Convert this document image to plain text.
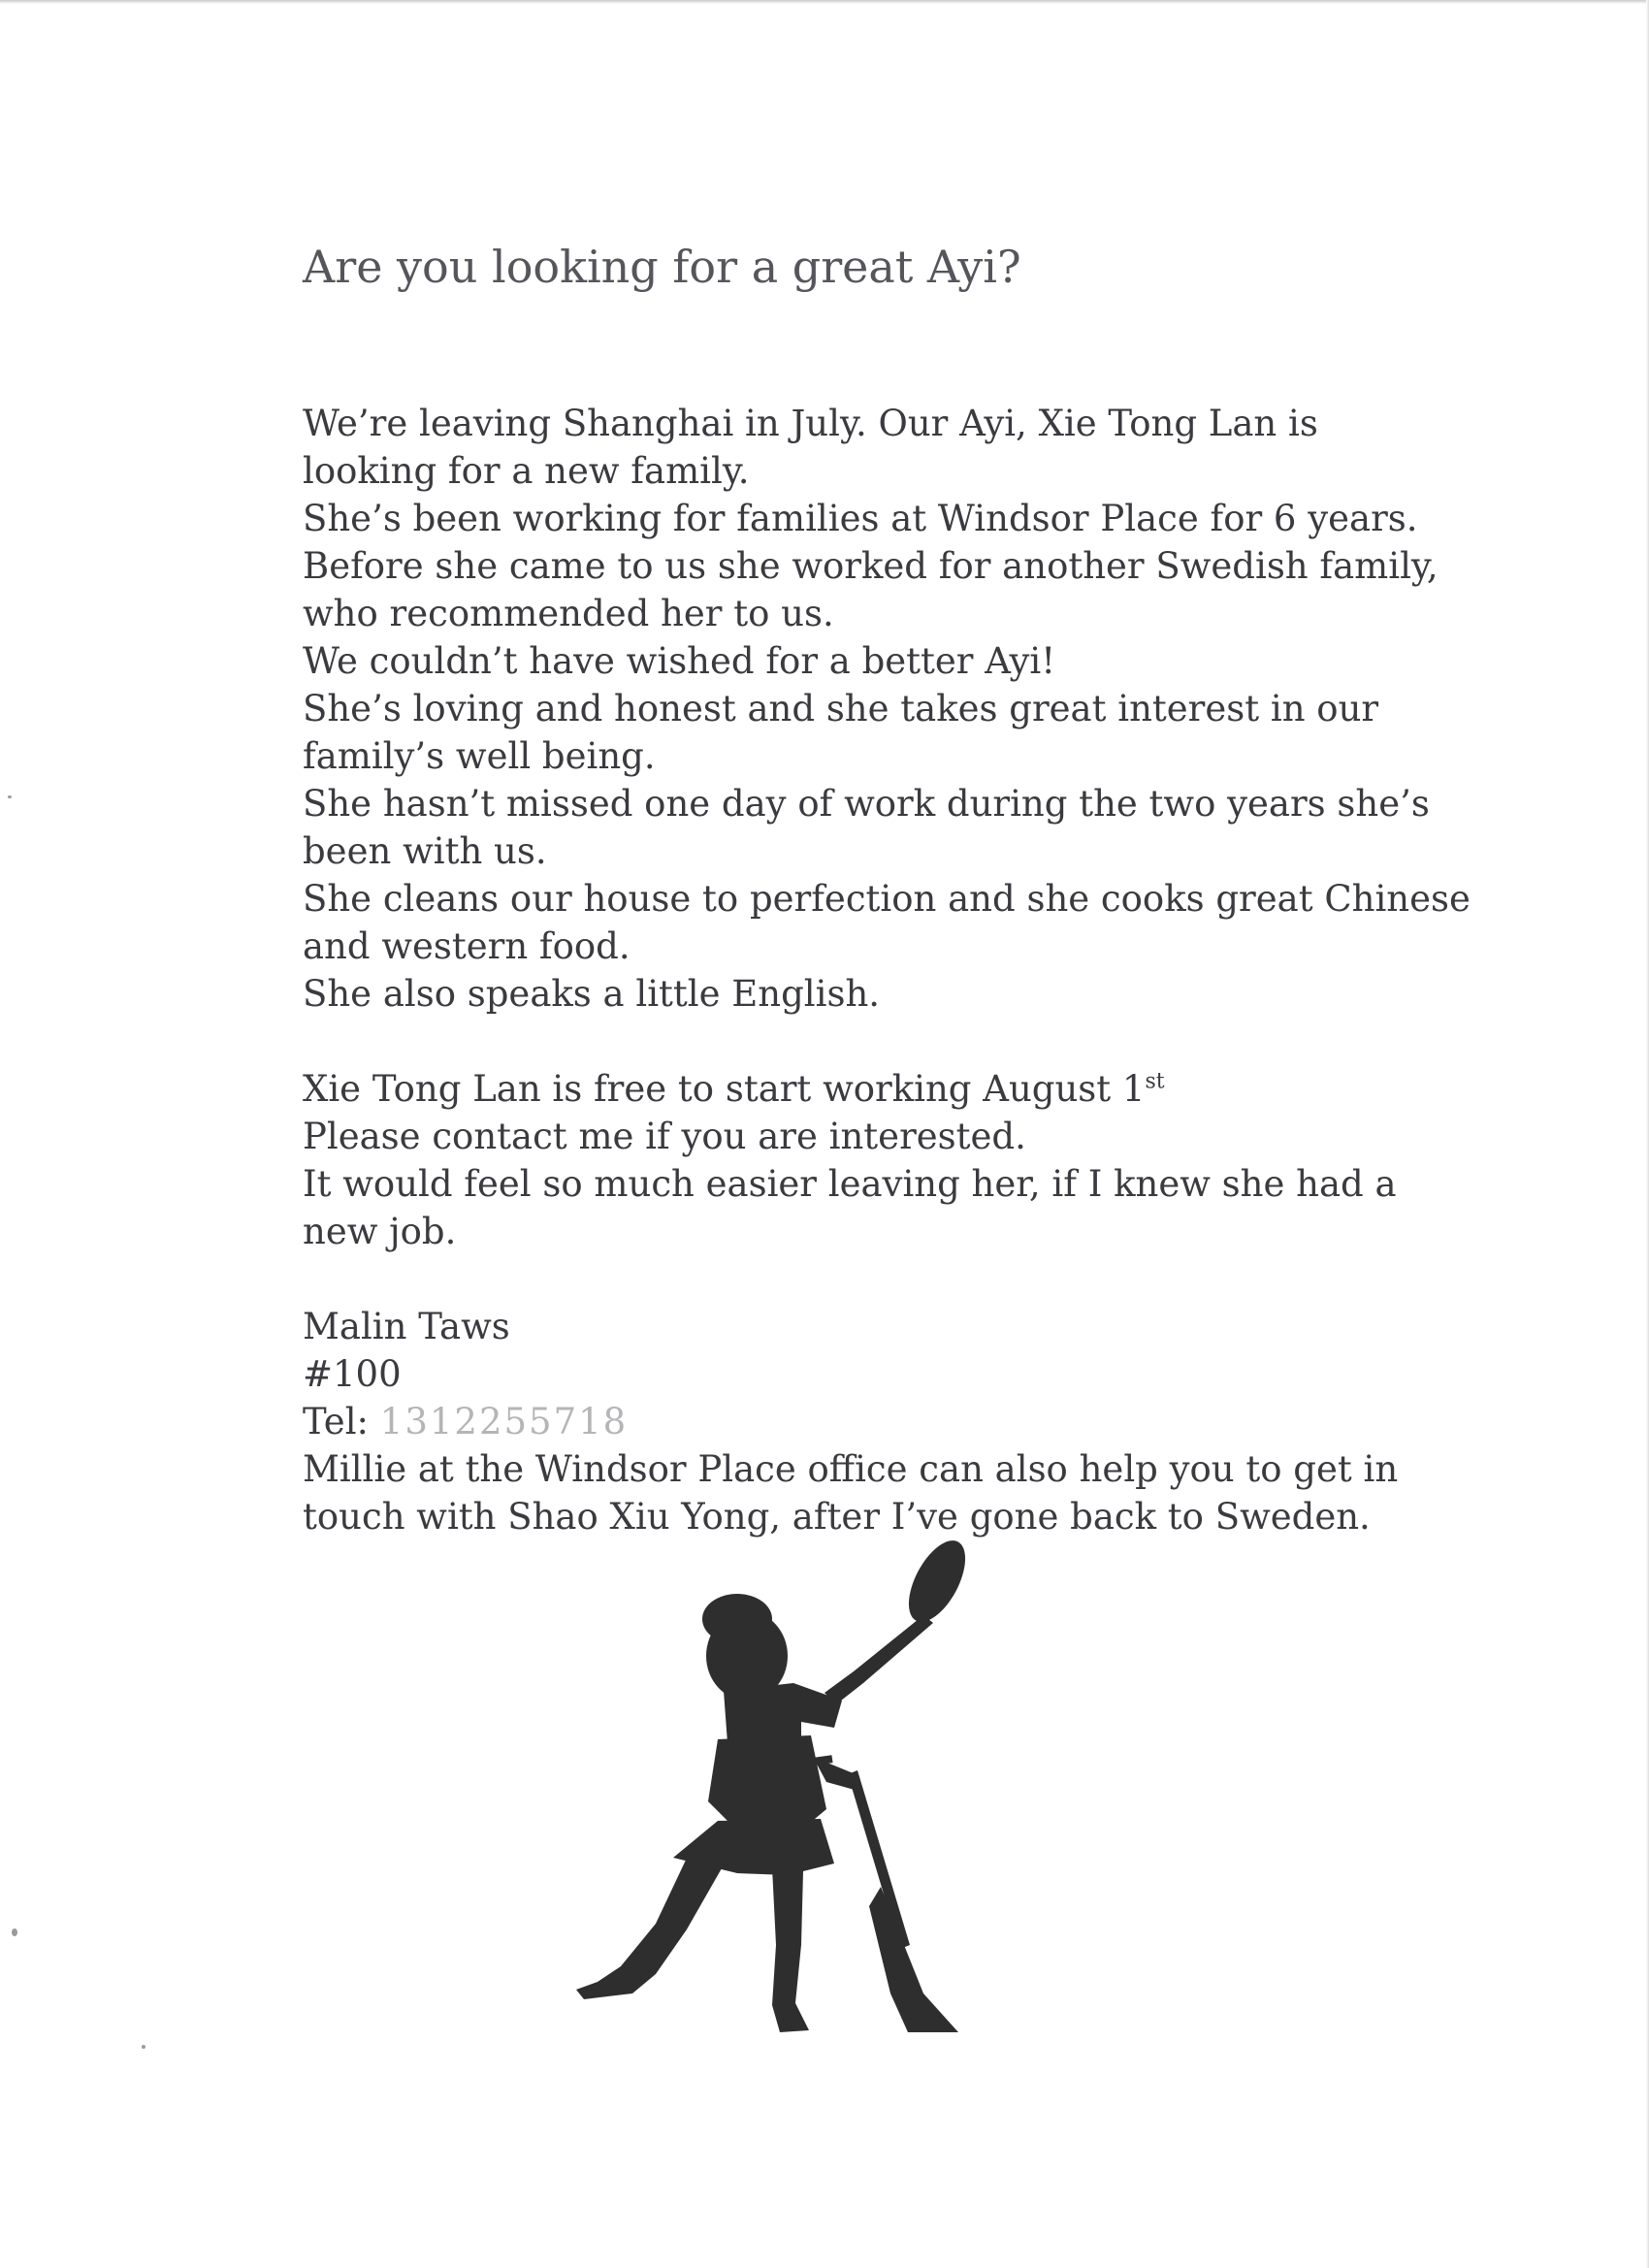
Are you looking for a great Ayi?
We’re leaving Shanghai in July. Our Ayi, Xie Tong Lan is
looking for a new family.
She’s been working for families at Windsor Place for 6 years.
Before she came to us she worked for another Swedish family,
who recommended her to us.
We couldn’t have wished for a better Ayi!
She’s loving and honest and she takes great interest in our
family’s well being.
She hasn’t missed one day of work during the two years she’s
been with us.
She cleans our house to perfection and she cooks great Chinese
and western food.
She also speaks a little English.
Xie Tong Lan is free to start working August 1st
Please contact me if you are interested.
It would feel so much easier leaving her, if I knew she had a
new job.
Malin Taws
#100
Tel: 1312255718
Millie at the Windsor Place office can also help you to get in
touch with Shao Xiu Yong, after I’ve gone back to Sweden.
